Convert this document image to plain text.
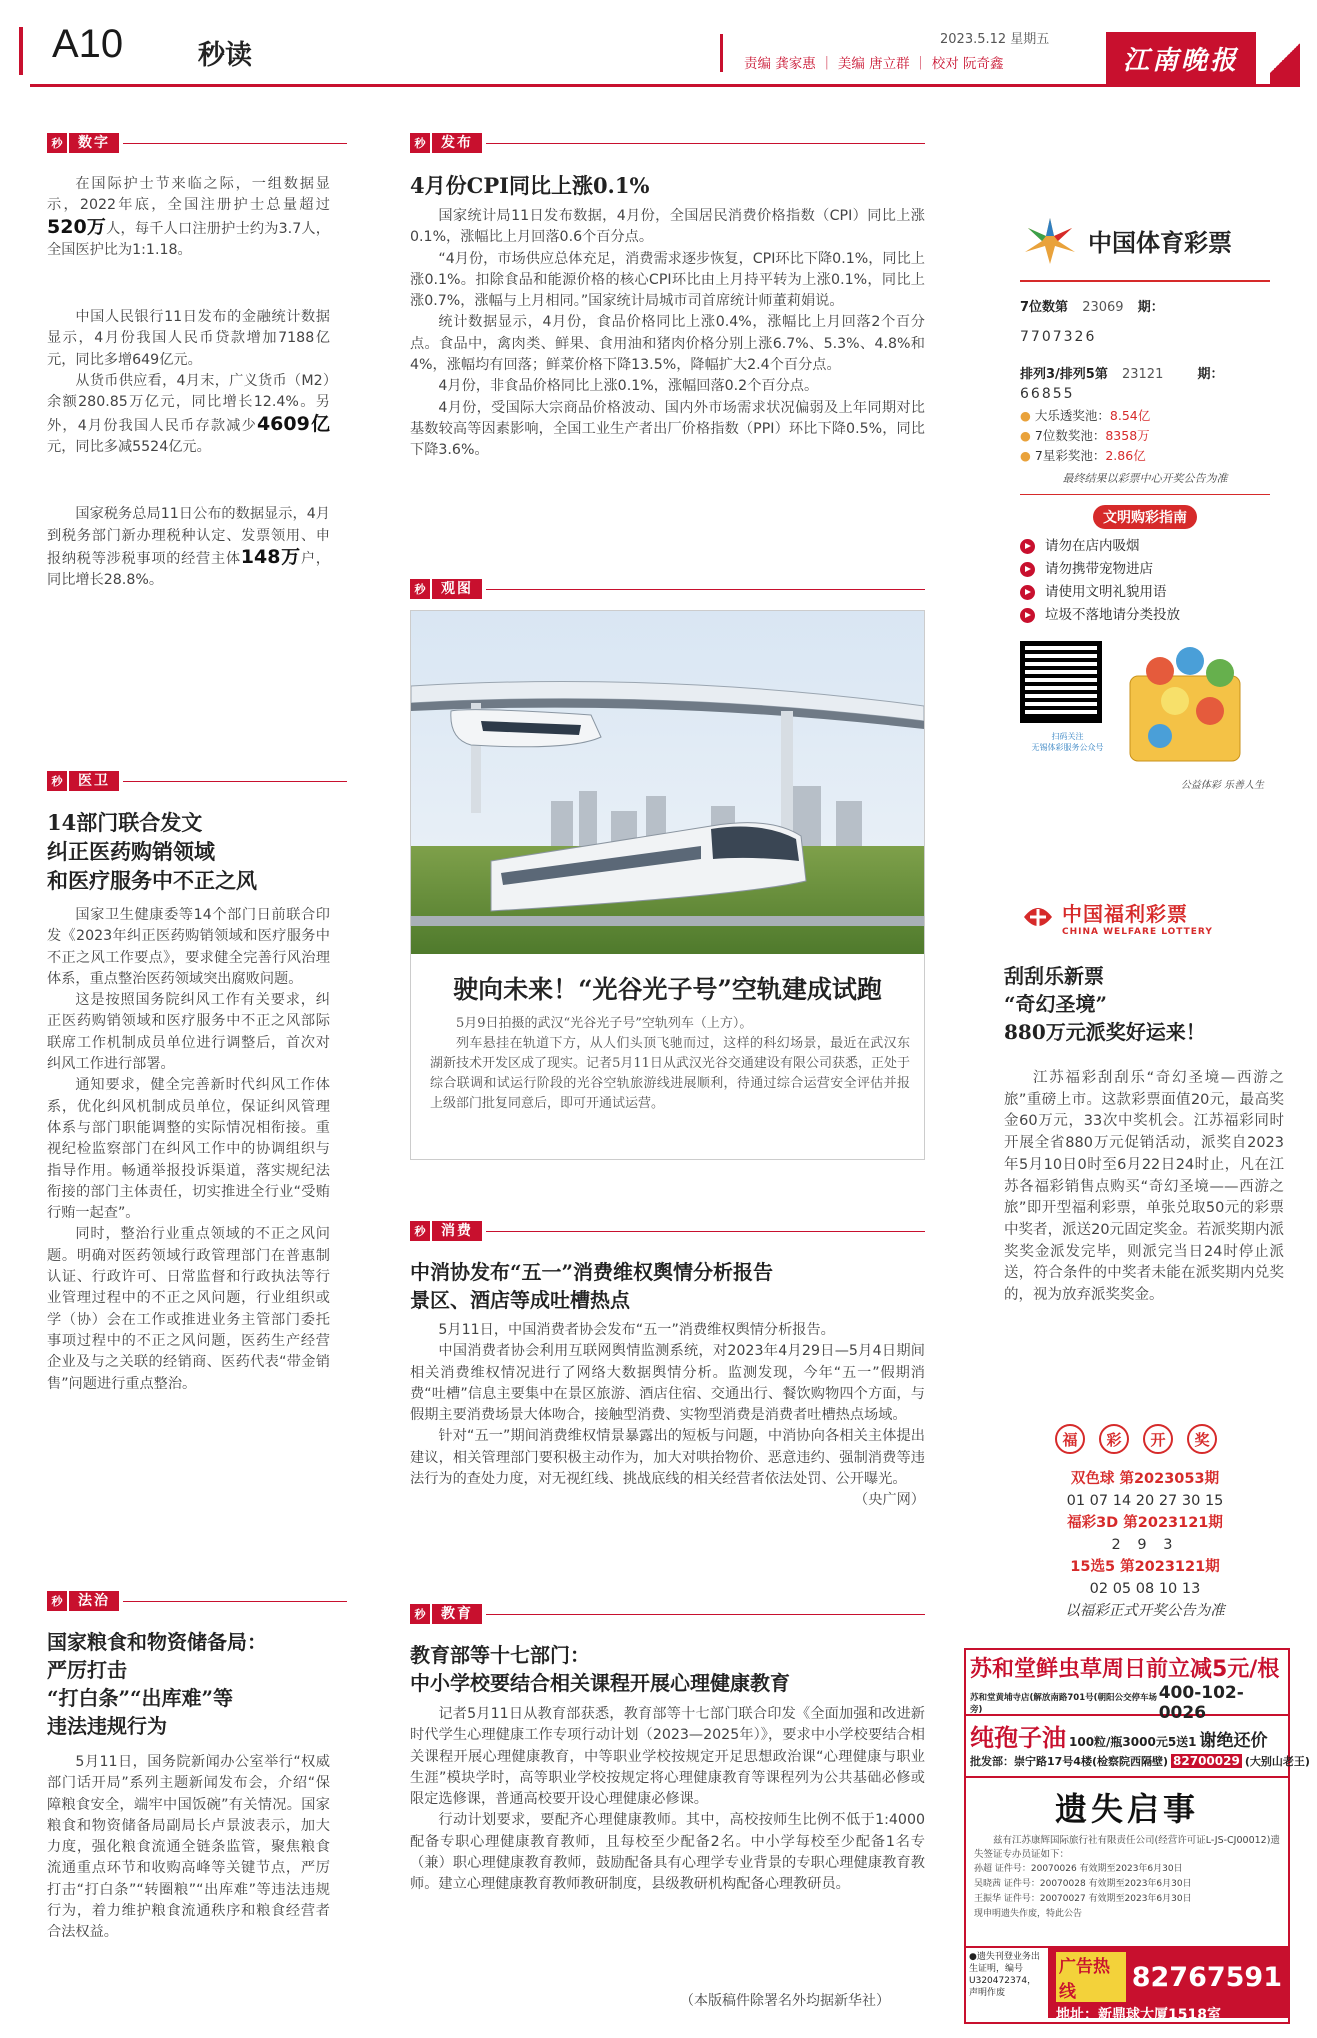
A10	秒读
2023.5.12 星期五
责编 龚家惠 ｜ 美编 唐立群 ｜ 校对 阮奇鑫	江南晚报
秒	数字

在国际护士节来临之际，一组数据显示，2022年底，全国注册护士总量超过520万人，每千人口注册护士约为3.7人，全国医护比为1:1.18。

中国人民银行11日发布的金融统计数据显示，4月份我国人民币贷款增加7188亿元，同比多增649亿元。

从货币供应看，4月末，广义货币（M2）余额280.85万亿元，同比增长12.4%。另外，4月份我国人民币存款减少4609亿元，同比多减5524亿元。

国家税务总局11日公布的数据显示，4月到税务部门新办理税种认定、发票领用、申报纳税等涉税事项的经营主体148万户，同比增长28.8%。

秒	医卫
14部门联合发文
纠正医药购销领域
和医疗服务中不正之风

国家卫生健康委等14个部门日前联合印发《2023年纠正医药购销领域和医疗服务中不正之风工作要点》，要求健全完善行风治理体系，重点整治医药领域突出腐败问题。

这是按照国务院纠风工作有关要求，纠正医药购销领域和医疗服务中不正之风部际联席工作机制成员单位进行调整后，首次对纠风工作进行部署。

通知要求，健全完善新时代纠风工作体系，优化纠风机制成员单位，保证纠风管理体系与部门职能调整的实际情况相衔接。重视纪检监察部门在纠风工作中的协调组织与指导作用。畅通举报投诉渠道，落实规纪法衔接的部门主体责任，切实推进全行业“受贿行贿一起查”。

同时，整治行业重点领域的不正之风问题。明确对医药领域行政管理部门在普惠制认证、行政许可、日常监督和行政执法等行业管理过程中的不正之风问题，行业组织或学（协）会在工作或推进业务主管部门委托事项过程中的不正之风问题，医药生产经营企业及与之关联的经销商、医药代表“带金销售”问题进行重点整治。

秒	法治
国家粮食和物资储备局：
严厉打击
“打白条”“出库难”等
违法违规行为

5月11日，国务院新闻办公室举行“权威部门话开局”系列主题新闻发布会，介绍“保障粮食安全，端牢中国饭碗”有关情况。国家粮食和物资储备局副局长卢景波表示，加大力度，强化粮食流通全链条监管，聚焦粮食流通重点环节和收购高峰等关键节点，严厉打击“打白条”“转圈粮”“出库难”等违法违规行为，着力维护粮食流通秩序和粮食经营者合法权益。

秒	发布
4月份CPI同比上涨0.1%

国家统计局11日发布数据，4月份，全国居民消费价格指数（CPI）同比上涨0.1%，涨幅比上月回落0.6个百分点。

“4月份，市场供应总体充足，消费需求逐步恢复，CPI环比下降0.1%，同比上涨0.1%。扣除食品和能源价格的核心CPI环比由上月持平转为上涨0.1%，同比上涨0.7%，涨幅与上月相同。”国家统计局城市司首席统计师董莉娟说。

统计数据显示，4月份，食品价格同比上涨0.4%，涨幅比上月回落2个百分点。食品中，禽肉类、鲜果、食用油和猪肉价格分别上涨6.7%、5.3%、4.8%和4%，涨幅均有回落；鲜菜价格下降13.5%，降幅扩大2.4个百分点。

4月份，非食品价格同比上涨0.1%，涨幅回落0.2个百分点。

4月份，受国际大宗商品价格波动、国内外市场需求状况偏弱及上年同期对比基数较高等因素影响，全国工业生产者出厂价格指数（PPI）环比下降0.5%，同比下降3.6%。

秒	观图
驶向未来！“光谷光子号”空轨建成试跑

5月9日拍摄的武汉“光谷光子号”空轨列车（上方）。

列车悬挂在轨道下方，从人们头顶飞驰而过，这样的科幻场景，最近在武汉东湖新技术开发区成了现实。记者5月11日从武汉光谷交通建设有限公司获悉，正处于综合联调和试运行阶段的光谷空轨旅游线进展顺利，待通过综合运营安全评估并报上级部门批复同意后，即可开通试运营。

秒	消费
中消协发布“五一”消费维权舆情分析报告
景区、酒店等成吐槽热点

5月11日，中国消费者协会发布“五一”消费维权舆情分析报告。

中国消费者协会利用互联网舆情监测系统，对2023年4月29日—5月4日期间相关消费维权情况进行了网络大数据舆情分析。监测发现，今年“五一”假期消费“吐槽”信息主要集中在景区旅游、酒店住宿、交通出行、餐饮购物四个方面，与假期主要消费场景大体吻合，接触型消费、实物型消费是消费者吐槽热点场域。

针对“五一”期间消费维权情景暴露出的短板与问题，中消协向各相关主体提出建议，相关管理部门要积极主动作为，加大对哄抬物价、恶意违约、强制消费等违法行为的查处力度，对无视红线、挑战底线的相关经营者依法处罚、公开曝光。

（央广网）
秒	教育
教育部等十七部门：
中小学校要结合相关课程开展心理健康教育

记者5月11日从教育部获悉，教育部等十七部门联合印发《全面加强和改进新时代学生心理健康工作专项行动计划（2023—2025年）》，要求中小学校要结合相关课程开展心理健康教育，中等职业学校按规定开足思想政治课“心理健康与职业生涯”模块学时，高等职业学校按规定将心理健康教育等课程列为公共基础必修或限定选修课，普通高校要开设心理健康必修课。

行动计划要求，要配齐心理健康教师。其中，高校按师生比例不低于1:4000配备专职心理健康教育教师，且每校至少配备2名。中小学每校至少配备1名专（兼）职心理健康教育教师，鼓励配备具有心理学专业背景的专职心理健康教育教师。建立心理健康教育教师教研制度，县级教研机构配备心理教研员。

（本版稿件除署名外均据新华社）
中国体育彩票
7位数第 23069 期：
7707326
排列3/排列5第 23121	期：
66855
● 大乐透奖池：8.54亿
● 7位数奖池：8358万
● 7星彩奖池：2.86亿
最终结果以彩票中心开奖公告为准
文明购彩指南
请勿在店内吸烟
请勿携带宠物进店
请使用文明礼貌用语
垃圾不落地请分类投放
扫码关注
无锡体彩服务公众号
公益体彩 乐善人生
中国福利彩票
CHINA WELFARE LOTTERY
刮刮乐新票
“奇幻圣境”
880万元派奖好运来！

江苏福彩刮刮乐“奇幻圣境—西游之旅”重磅上市。这款彩票面值20元，最高奖金60万元，33次中奖机会。江苏福彩同时开展全省880万元促销活动，派奖自2023年5月10日0时至6月22日24时止，凡在江苏各福彩销售点购买“奇幻圣境——西游之旅”即开型福利彩票，单张兑取50元的彩票中奖者，派送20元固定奖金。若派奖期内派奖奖金派发完毕，则派完当日24时停止派送，符合条件的中奖者未能在派奖期内兑奖的，视为放弃派奖奖金。

福	彩	开	奖
双色球 第2023053期
01 07 14 20 27 30 15
福彩3D 第2023121期
2 9 3
15选5 第2023121期
02 05 08 10 13
以福彩正式开奖公告为准
苏和堂鲜虫草周日前立减5元/根
苏和堂黄埔寺店(解放南路701号(朝阳公交停车场旁)
400-102-0026
纯孢子油 100粒/瓶3000元5送1 谢绝还价
批发部：崇宁路17号4楼(检察院西隔壁) 82700029 (大别山老王)
遗失启事
兹有江苏康辉国际旅行社有限责任公司(经营许可证L-JS-CJ00012)遗失签证专办员证如下：
孙超 证件号：20070026 有效期至2023年6月30日
吴晓茜 证件号：20070028 有效期至2023年6月30日
王振华 证件号：20070027 有效期至2023年6月30日
现申明遗失作废，特此公告
●遗失刊登业务出生证明，编号U320472374，声明作废
广告热线	82767591
地址：新鼎球大厦1518室
